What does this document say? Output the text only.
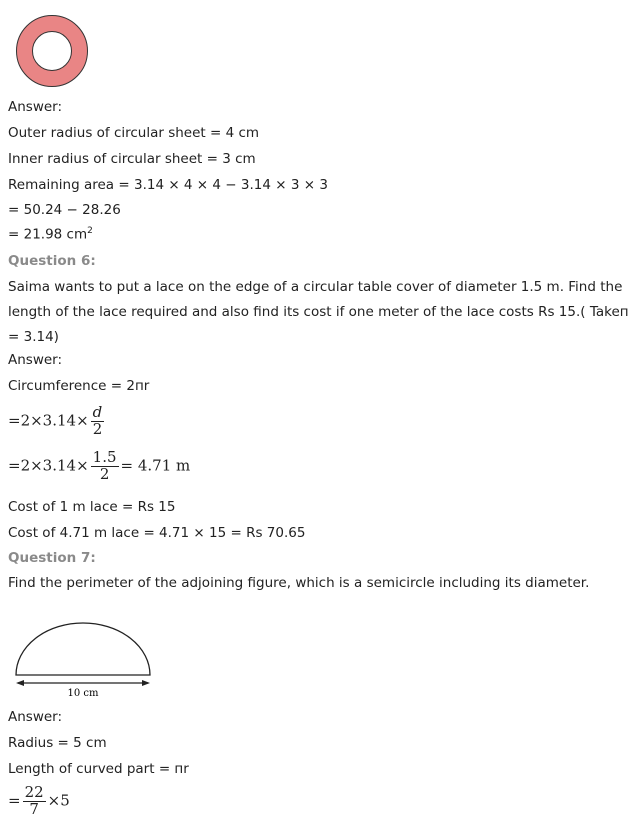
Answer:
Outer radius of circular sheet = 4 cm
Inner radius of circular sheet = 3 cm
Remaining area = 3.14 × 4 × 4 − 3.14 × 3 × 3
= 50.24 − 28.26
= 21.98 $cm^2$
Question 6:
Saima wants to put a lace on the edge of a circular table cover of diameter 1.5 m. Find the length of the lace required and also find its cost if one meter of the lace costs Rs 15.( Takeп = 3.14)
Answer:
Circumference = 2пr
$=2\times 3.14\times \frac{d}{2}$
$=2\times 3.14\times \frac{1.5}{2} = 4.71$ m
Cost of 1 m lace = Rs 15
Cost of 4.71 m lace = 4.71 × 15 = Rs 70.65
Question 7:
Find the perimeter of the adjoining figure, which is a semicircle including its diameter.
10 cm
Answer:
Radius = 5 cm
Length of curved part = пr
= $\frac{22}{7} \times 5$
